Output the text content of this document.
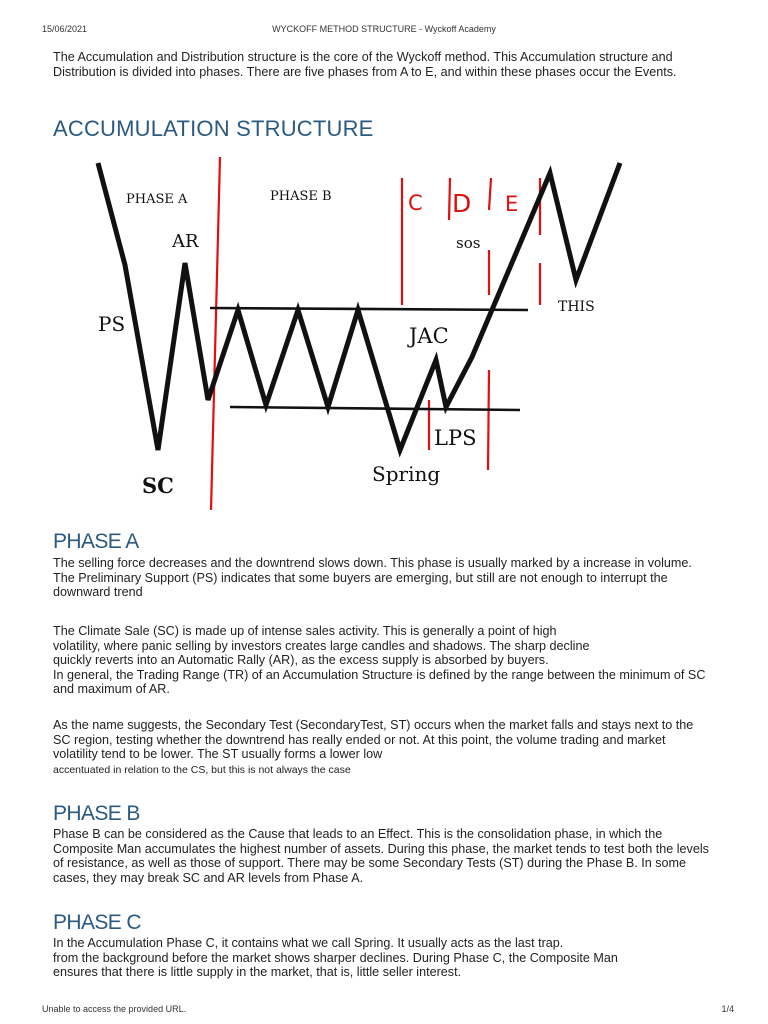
15/06/2021	WYCKOFF METHOD STRUCTURE - Wyckoff Academy
The Accumulation and Distribution structure is the core of the Wyckoff method. This Accumulation structure and Distribution is divided into phases. There are five phases from A to E, and within these phases occur the Events.
ACCUMULATION STRUCTURE
PHASE A	PHASE B	C D E
AR	sos
PS
THIS
JAC
LPS
SC	Spring
PHASE A
The selling force decreases and the downtrend slows down. This phase is usually marked by a increase in volume. The Preliminary Support (PS) indicates that some buyers are emerging, but still are not enough to interrupt the downward trend

The Climate Sale (SC) is made up of intense sales activity. This is generally a point of high

volatility, where panic selling by investors creates large candles and shadows. The sharp decline

quickly reverts into an Automatic Rally (AR), as the excess supply is absorbed by buyers.

In general, the Trading Range (TR) of an Accumulation Structure is defined by the range between the minimum of SC and maximum of AR.

As the name suggests, the Secondary Test (SecondaryTest, ST) occurs when the market falls and stays next to the SC region, testing whether the downtrend has really ended or not. At this point, the volume trading and market volatility tend to be lower. The ST usually forms a lower low
accentuated in relation to the CS, but this is not always the case
PHASE B
Phase B can be considered as the Cause that leads to an Effect. This is the consolidation phase, in which the Composite Man accumulates the highest number of assets. During this phase, the market tends to test both the levels of resistance, as well as those of support. There may be some Secondary Tests (ST) during the Phase B. In some cases, they may break SC and AR levels from Phase A.
PHASE C

In the Accumulation Phase C, it contains what we call Spring. It usually acts as the last trap.

from the background before the market shows sharper declines. During Phase C, the Composite Man

ensures that there is little supply in the market, that is, little seller interest.

Unable to access the provided URL.	1/4
